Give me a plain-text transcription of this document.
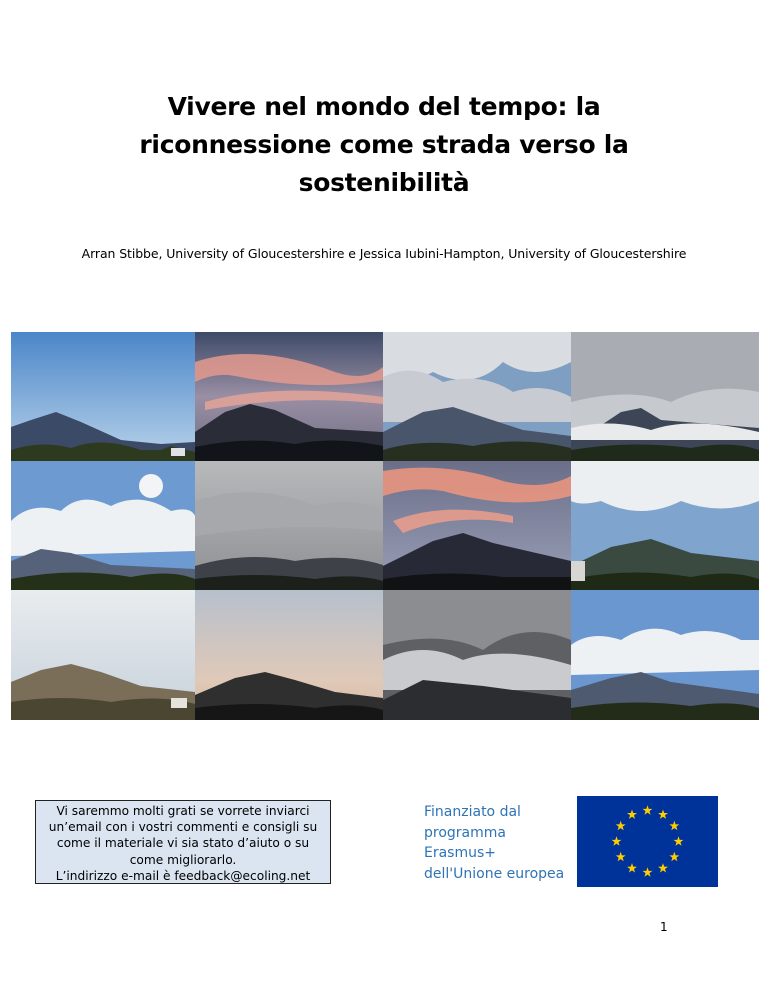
Vivere nel mondo del tempo: la
riconnessione come strada verso la
sostenibilità
Arran Stibbe, University of Gloucestershire e Jessica Iubini-Hampton, University of Gloucestershire
Vi saremmo molti grati se vorrete inviarci
un’email con i vostri commenti e consigli su
come il materiale vi sia stato d’aiuto o su
come migliorarlo.
L’indirizzo e-mail è feedback@ecoling.net
Finanziato dal
programma
Erasmus+
dell'Unione europea
1
